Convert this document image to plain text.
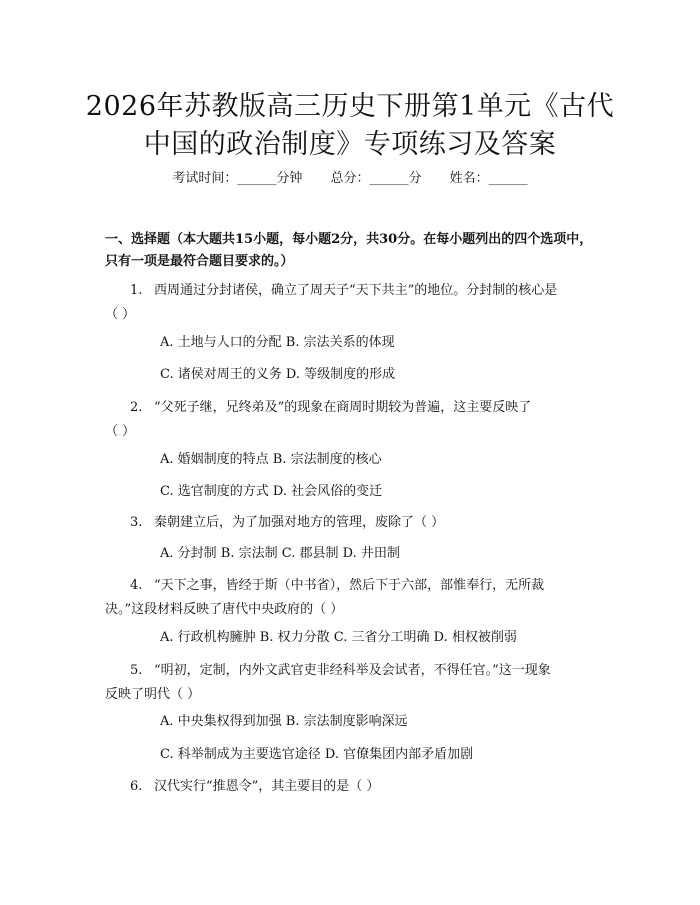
2026年苏教版高三历史下册第1单元《古代
中国的政治制度》专项练习及答案
考试时间：______分钟 总分：______分 姓名：______
一、选择题（本大题共15小题，每小题2分，共30分。在每小题列出的四个选项中，只有一项是最符合题目要求的。）
1. 西周通过分封诸侯，确立了周天子“天下共主”的地位。分封制的核心是
（ ）
A. 土地与人口的分配 B. 宗法关系的体现
C. 诸侯对周王的义务 D. 等级制度的形成
2. “父死子继，兄终弟及”的现象在商周时期较为普遍，这主要反映了
（ ）
A. 婚姻制度的特点 B. 宗法制度的核心
C. 选官制度的方式 D. 社会风俗的变迁
3. 秦朝建立后，为了加强对地方的管理，废除了（ ）
A. 分封制 B. 宗法制 C. 郡县制 D. 井田制
4. “天下之事，皆经于斯（中书省），然后下于六部，部惟奉行，无所裁
决。”这段材料反映了唐代中央政府的（ ）
A. 行政机构臃肿 B. 权力分散 C. 三省分工明确 D. 相权被削弱
5. “明初，定制，内外文武官吏非经科举及会试者，不得任官。”这一现象
反映了明代（ ）
A. 中央集权得到加强 B. 宗法制度影响深远
C. 科举制成为主要选官途径 D. 官僚集团内部矛盾加剧
6. 汉代实行“推恩令”，其主要目的是（ ）
